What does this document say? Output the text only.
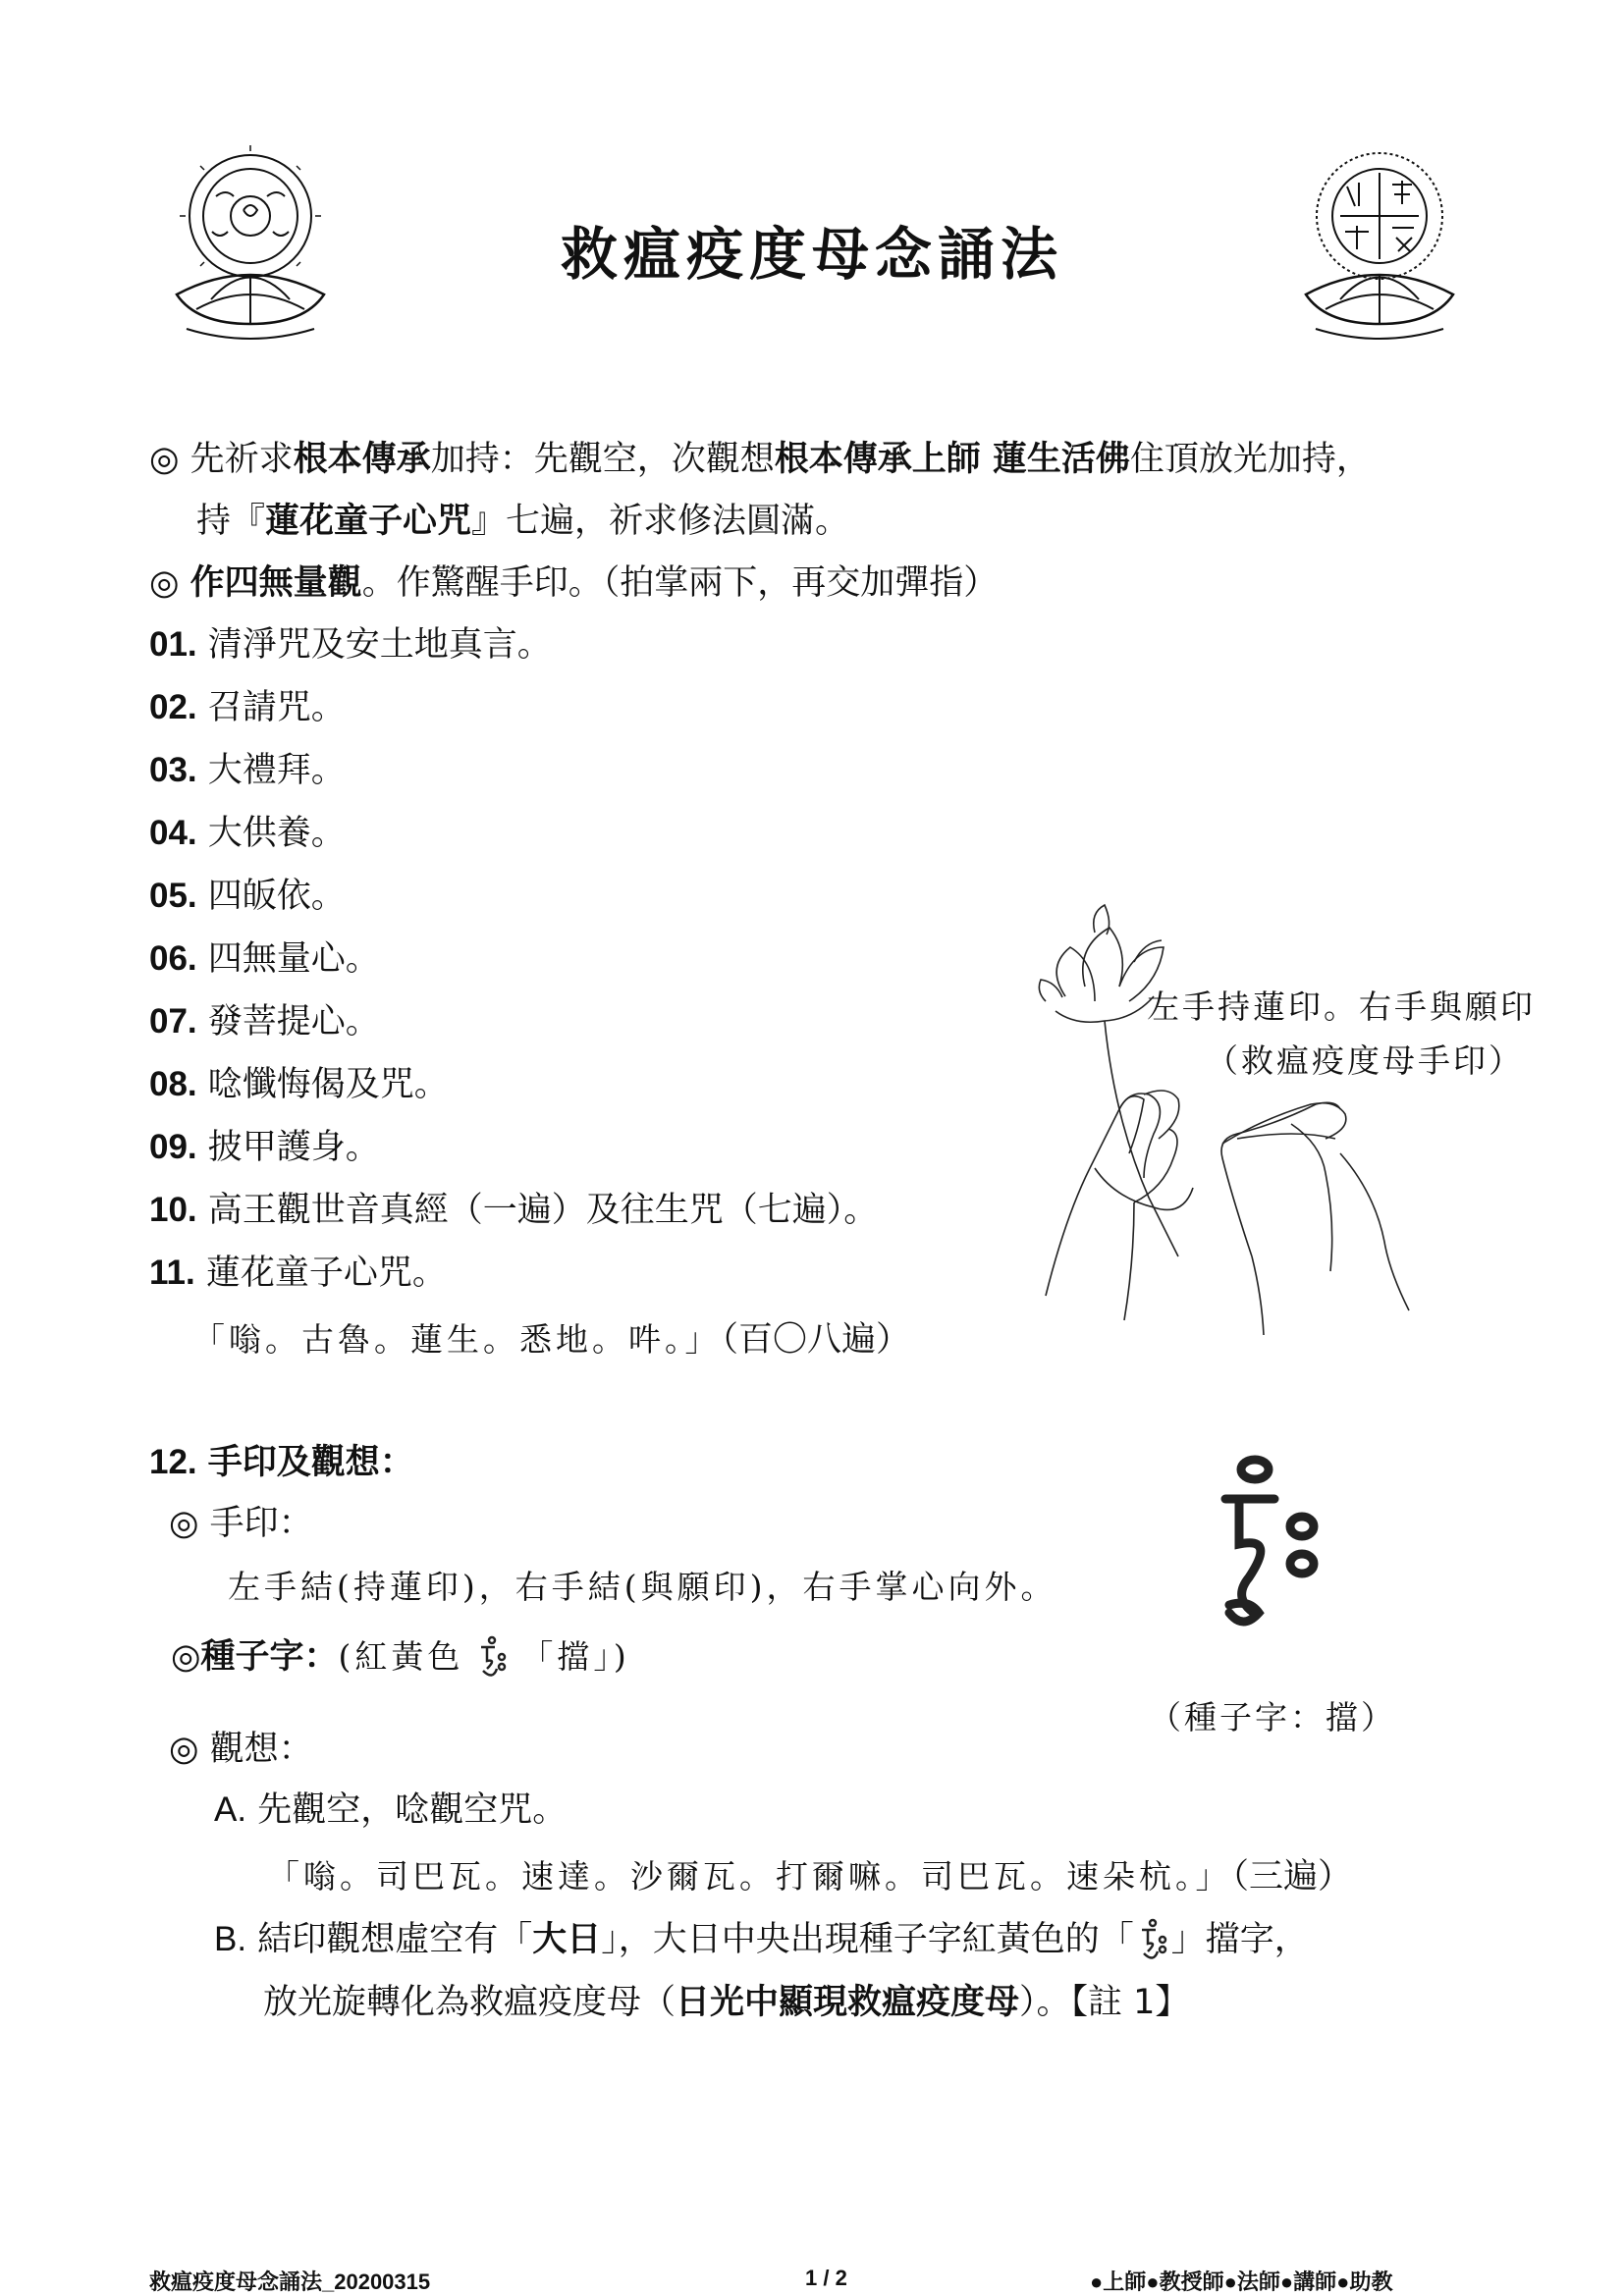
救瘟疫度母念誦法
◎ 先祈求根本傳承加持：先觀空，次觀想根本傳承上師 蓮生活佛住頂放光加持，
持『蓮花童子心咒』七遍，祈求修法圓滿。
◎ 作四無量觀。作驚醒手印。（拍掌兩下，再交加彈指）
01. 清淨咒及安土地真言。
02. 召請咒。
03. 大禮拜。
04. 大供養。
05. 四皈依。
06. 四無量心。
07. 發菩提心。
08. 唸懺悔偈及咒。
09. 披甲護身。
10. 高王觀世音真經（一遍）及往生咒（七遍）。
11. 蓮花童子心咒。
「嗡。古魯。蓮生。悉地。吽。」（百〇八遍）
左手持蓮印。右手與願印
（救瘟疫度母手印）
12. 手印及觀想：
◎ 手印：
左手結(持蓮印)，右手結(與願印)，右手掌心向外。
◎種子字：(紅黃色 「擋」)
（種子字：擋）
◎ 觀想：
A. 先觀空，唸觀空咒。
「嗡。司巴瓦。速達。沙爾瓦。打爾嘛。司巴瓦。速朵杭。」（三遍）
B. 結印觀想虛空有「大日」，大日中央出現種子字紅黃色的「 」擋字，
放光旋轉化為救瘟疫度母（日光中顯現救瘟疫度母）。【註 1】
救瘟疫度母念誦法_20200315	1 / 2	●上師●教授師●法師●講師●助教
